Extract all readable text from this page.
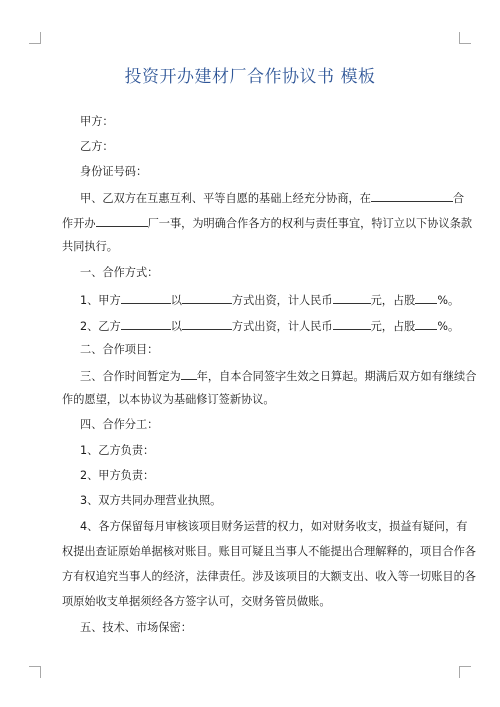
投资开办建材厂合作协议书 模板
甲方：
乙方：
身份证号码：
甲、乙双方在互惠互利、平等自愿的基础上经充分协商，在	合
作开办	厂一事，为明确合作各方的权利与责任事宜，特订立以下协议条款
共同执行。
一、合作方式：
1、甲方	以	方式出资，计人民币	元，占股 %。
2、乙方	以	方式出资，计人民币	元，占股 %。
二、合作项目：
三、合作时间暂定为 年，自本合同签字生效之日算起。期满后双方如有继续合
作的愿望，以本协议为基础修订签新协议。
四、合作分工：
1、乙方负责：
2、甲方负责：
3、双方共同办理营业执照。
4、各方保留每月审核该项目财务运营的权力，如对财务收支，损益有疑问，有
权提出查证原始单据核对账目。账目可疑且当事人不能提出合理解释的，项目合作各
方有权追究当事人的经济，法律责任。涉及该项目的大额支出、收入等一切账目的各
项原始收支单据须经各方签字认可，交财务管员做账。
五、技术、市场保密：
